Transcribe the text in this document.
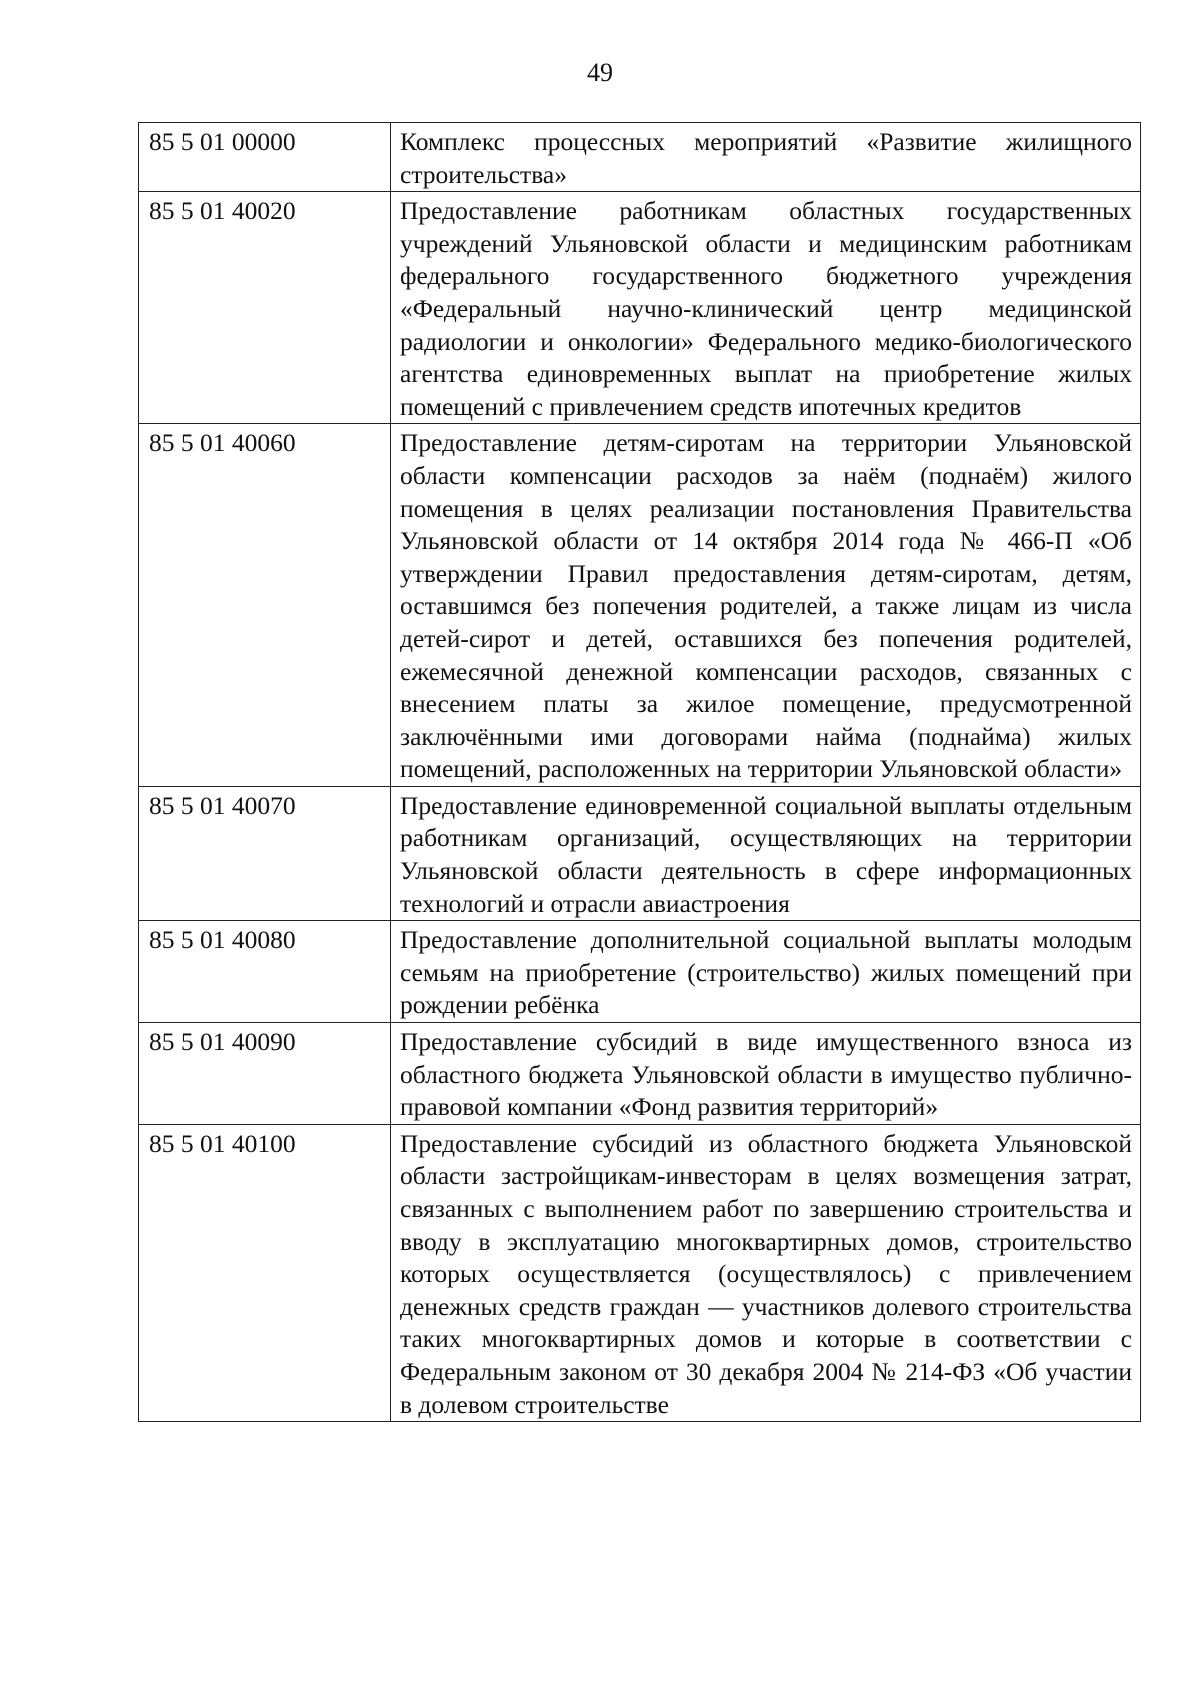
49
85 5 01 00000	Комплекс процессных мероприятий «Развитие жилищного строительства»

85 5 01 40020	Предоставление работникам областных государственных учреждений Ульяновской области и медицинским работникам федерального государственного бюджетного учреждения «Федеральный научно-клинический центр медицинской радиологии и онкологии» Федерального медико-биологического агентства единовременных выплат на приобретение жилых помещений с привлечением средств ипотечных кредитов

85 5 01 40060	Предоставление детям-сиротам на территории Ульяновской области компенсации расходов за наём (поднаём) жилого помещения в целях реализации постановления Правительства Ульяновской области от 14 октября 2014 года № 466-П «Об утверждении Правил предоставления детям-сиротам, детям, оставшимся без попечения родителей, а также лицам из числа детей-сирот и детей, оставшихся без попечения родителей, ежемесячной денежной компенсации расходов, связанных с внесением платы за жилое помещение, предусмотренной заключёнными ими договорами найма (поднайма) жилых помещений, расположенных на территории Ульяновской области»

85 5 01 40070	Предоставление единовременной социальной выплаты отдельным работникам организаций, осуществляющих на территории Ульяновской области деятельность в сфере информационных технологий и отрасли авиастроения

85 5 01 40080	Предоставление дополнительной социальной выплаты молодым семьям на приобретение (строительство) жилых помещений при рождении ребёнка

85 5 01 40090	Предоставление субсидий в виде имущественного взноса из областного бюджета Ульяновской области в имущество публично-правовой компании «Фонд развития территорий»

85 5 01 40100	Предоставление субсидий из областного бюджета Ульяновской области застройщикам-инвесторам в целях возмещения затрат, связанных с выполнением работ по завершению строительства и вводу в эксплуатацию многоквартирных домов, строительство которых осуществляется (осуществлялось) с привлечением денежных средств граждан — участников долевого строительства таких многоквартирных домов и которые в соответствии с Федеральным законом от 30 декабря 2004 № 214-ФЗ «Об участии в долевом строительстве
